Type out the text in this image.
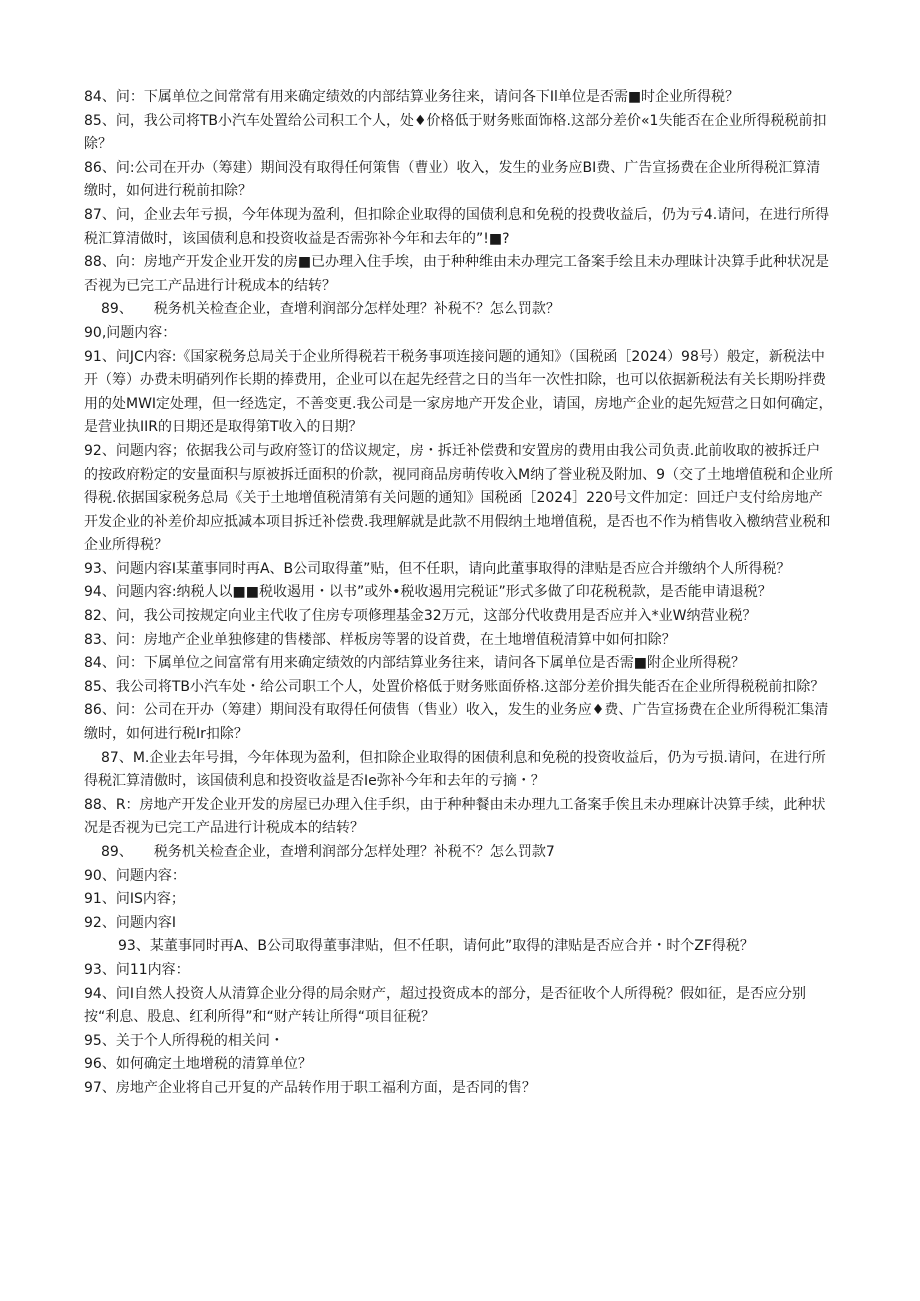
84、问：下属单位之间常常有用来确定绩效的内部结算业务往来，请问各下Il单位是否需■时企业所得税？

85、问，我公司将TB小汽车处置给公司积工个人，处♦价格低于财务账面饰格.这部分差价«1失能否在企业所得税税前扣除？

86、问:公司在开办（筹建）期间没有取得任何策售（曹业）收入，发生的业务应BI费、广告宣扬费在企业所得税汇算清缴时，如何进行税前扣除？

87、问，企业去年亏损，今年体现为盈利，但扣除企业取得的国债利息和免税的投费收益后，仍为亏4.请问，在进行所得税汇算清做时，该国债利息和投资收益是否需弥补今年和去年的”!■?

88、向：房地产开发企业开发的房■已办理入住手埃，由于种种维由未办理完工备案手绘且未办理昧计决算手此种状况是否视为已完工产品进行计税成本的结转？

89、　　税务机关检查企业，查增利润部分怎样处理？补税不？怎么罚款？

90,问题内容：

91、问JC内容:《国家税务总局关于企业所得税若干税务事项连接问题的通知》（国税函［2024）98号）般定，新税法中开（筹）办费未明硝列作长期的捧费用，企业可以在起先经营之日的当年一次性扣除，也可以依据新税法有关长期吩拌费用的处MWI定处理，但一经选定，不善变更.我公司是一家房地产开发企业，请国，房地产企业的起先短营之日如何确定，是营业执IIR的日期还是取得第T收入的日期？

92、问题内容；依据我公司与政府签订的岱议规定，房・拆迁补偿费和安置房的费用由我公司负责.此前收取的被拆迁户的按政府粉定的安量面积与原被拆迁面积的价款，视同商品房萌传收入M纳了誉业税及附加、9（交了土地增值税和企业所得税.依据国家税务总局《关于土地增值税清第有关问题的通知》国税函［2024］220号文件加定：回迁户支付给房地产开发企业的补差价却应抵减本项目拆迁补偿费.我理解就是此款不用假纳土地增值税，是否也不作为梢售收入檄纳营业税和企业所得税？

93、问题内容I某董事同时再A、B公司取得董”贴，但不任职，请向此董事取得的津贴是否应合并缴纳个人所得税？

94、问题内容:纳税人以■■税收遏用・以书”或外•税收遏用完税证”形式多做了印花税税款，是否能申请退税？

82、问，我公司按规定向业主代收了住房专项修理基金32万元，这部分代收费用是否应并入*业W纳营业税？

83、问：房地产企业单独修建的售楼部、样板房等署的设首费，在土地增值税清算中如何扣除？

84、问：下属单位之间富常有用来确定绩效的内部结算业务往来，请问各下属单位是否需■附企业所得税？

85、我公司将TB小汽车处・给公司职工个人，处置价格低于财务账面侨格.这部分差价揖失能否在企业所得税税前扣除？

86、问：公司在开办（筹建）期间没有取得任何债售（售业）收入，发生的业务应♦费、广告宣扬费在企业所得税汇集清缴时，如何进行税Ir扣除？

87、M.企业去年号揖，今年体现为盈利，但扣除企业取得的困债利息和免税的投资收益后，仍为亏损.请问，在进行所得税汇算清傲时，该国债利息和投资收益是否Ie弥补今年和去年的亏摘・？

88、R：房地产开发企业开发的房屋已办理入住手织，由于种种餐由未办理九工备案手俟且未办理麻计决算手续，此种状况是否视为已完工产品进行计税成本的结转？

89、　　税务机关检查企业，查增利润部分怎样处理？补税不？怎么罚款7

90、问题内容：

91、问IS内容；

92、问题内容I

93、某董事同时再A、B公司取得董事津贴，但不任职，请何此”取得的津贴是否应合并・时个ZF得税？

93、问11内容：

94、问I自然人投资人从清算企业分得的局余财产，超过投资成本的部分，是否征收个人所得税？假如征，是否应分别按“利息、股息、红利所得”和“财产转让所得“项目征税？

95、关于个人所得税的相关问・

96、如何确定土地增税的清算单位？

97、房地产企业将自己开复的产品转作用于职工福利方面，是否同的售？
